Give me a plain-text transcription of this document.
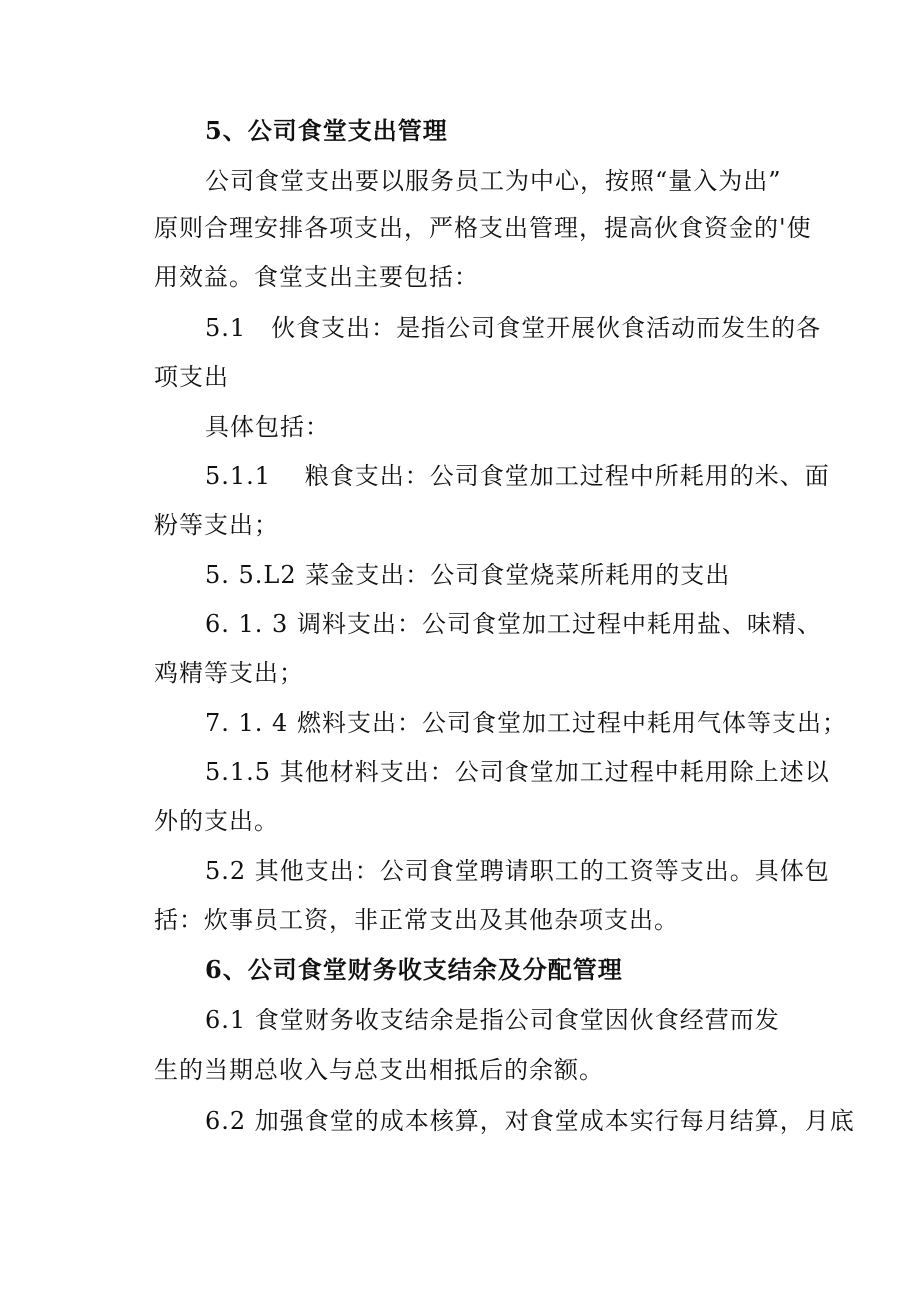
5、公司食堂支出管理
公司食堂支出要以服务员工为中心，按照“量入为出”
原则合理安排各项支出，严格支出管理，提高伙食资金的'使
用效益。食堂支出主要包括：
5.1　伙食支出：是指公司食堂开展伙食活动而发生的各
项支出
具体包括：
5.1.1　 粮食支出：公司食堂加工过程中所耗用的米、面
粉等支出；
5. 5.L2 菜金支出：公司食堂烧菜所耗用的支出
6. 1. 3 调料支出：公司食堂加工过程中耗用盐、味精、
鸡精等支出；
7. 1. 4 燃料支出：公司食堂加工过程中耗用气体等支出；
5.1.5 其他材料支出：公司食堂加工过程中耗用除上述以
外的支出。
5.2 其他支出：公司食堂聘请职工的工资等支出。具体包
括：炊事员工资，非正常支出及其他杂项支出。
6、公司食堂财务收支结余及分配管理
6.1 食堂财务收支结余是指公司食堂因伙食经营而发
生的当期总收入与总支出相抵后的余额。
6.2 加强食堂的成本核算，对食堂成本实行每月结算，月底
